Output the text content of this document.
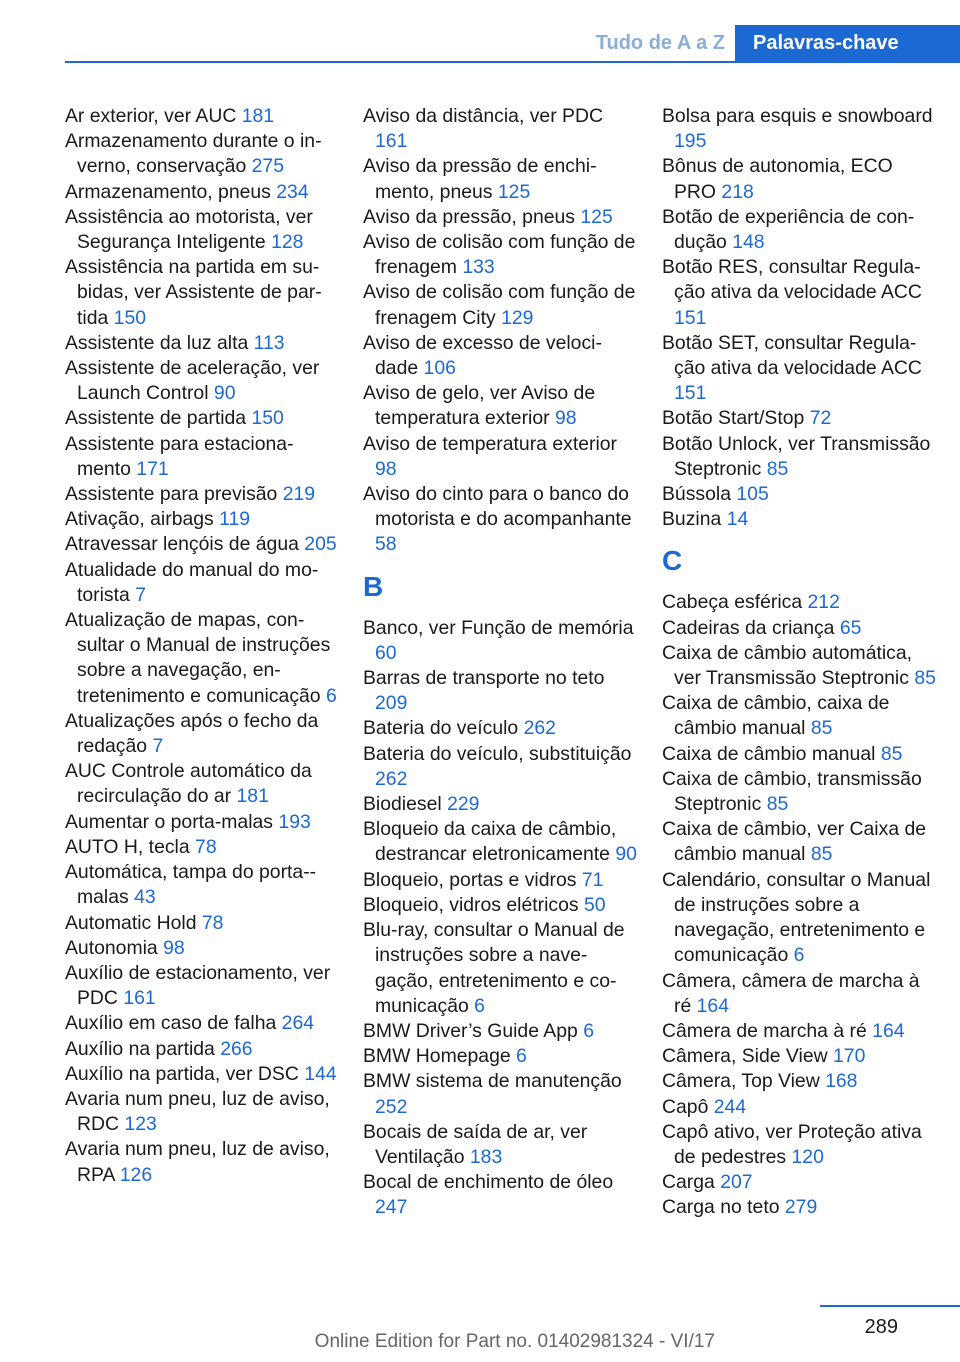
Tudo de A a Z	Palavras-chave

Ar exterior, ver AUC 181

Armazenamento durante o inverno, conservação 275

Armazenamento, pneus 234

Assistência ao motorista, ver Segurança Inteligente 128

Assistência na partida em subidas, ver Assistente de partida 150

Assistente da luz alta 113

Assistente de aceleração, ver Launch Control 90

Assistente de partida 150

Assistente para estacionamento 171

Assistente para previsão 219

Ativação, airbags 119

Atravessar lençóis de água 205

Atualidade do manual do motorista 7

Atualização de mapas, consultar o Manual de instruções sobre a navegação, entretenimento e comunicação 6

Atualizações após o fecho da redação 7

AUC Controle automático da recirculação do ar 181

Aumentar o porta-malas 193

AUTO H, tecla 78

Automática, tampa do porta-malas 43

Automatic Hold 78

Autonomia 98

Auxílio de estacionamento, ver PDC 161

Auxílio em caso de falha 264

Auxílio na partida 266

Auxílio na partida, ver DSC 144

Avaria num pneu, luz de aviso, RDC 123

Avaria num pneu, luz de aviso, RPA 126

Aviso da distância, ver PDC 161

Aviso da pressão de enchimento, pneus 125

Aviso da pressão, pneus 125

Aviso de colisão com função de frenagem 133

Aviso de colisão com função de frenagem City 129

Aviso de excesso de velocidade 106

Aviso de gelo, ver Aviso de temperatura exterior 98

Aviso de temperatura exterior 98

Aviso do cinto para o banco do motorista e do acompanhante 58

B

Banco, ver Função de memória 60

Barras de transporte no teto 209

Bateria do veículo 262

Bateria do veículo, substituição 262

Biodiesel 229

Bloqueio da caixa de câmbio, destrancar eletronicamente 90

Bloqueio, portas e vidros 71

Bloqueio, vidros elétricos 50

Blu-ray, consultar o Manual de instruções sobre a navegação, entretenimento e comunicação 6

BMW Driver’s Guide App 6

BMW Homepage 6

BMW sistema de manutenção 252

Bocais de saída de ar, ver Ventilação 183

Bocal de enchimento de óleo 247

Bolsa para esquis e snowboard 195

Bônus de autonomia, ECO PRO 218

Botão de experiência de condução 148

Botão RES, consultar Regulação ativa da velocidade ACC 151

Botão SET, consultar Regulação ativa da velocidade ACC 151

Botão Start/Stop 72

Botão Unlock, ver Transmissão Steptronic 85

Bússola 105

Buzina 14

C

Cabeça esférica 212

Cadeiras da criança 65

Caixa de câmbio automática, ver Transmissão Steptronic 85

Caixa de câmbio, caixa de câmbio manual 85

Caixa de câmbio manual 85

Caixa de câmbio, transmissão Steptronic 85

Caixa de câmbio, ver Caixa de câmbio manual 85

Calendário, consultar o Manual de instruções sobre a navegação, entretenimento e comunicação 6

Câmera, câmera de marcha à ré 164

Câmera de marcha à ré 164

Câmera, Side View 170

Câmera, Top View 168

Capô 244

Capô ativo, ver Proteção ativa de pedestres 120

Carga 207

Carga no teto 279

289
Online Edition for Part no. 01402981324 - VI/17
